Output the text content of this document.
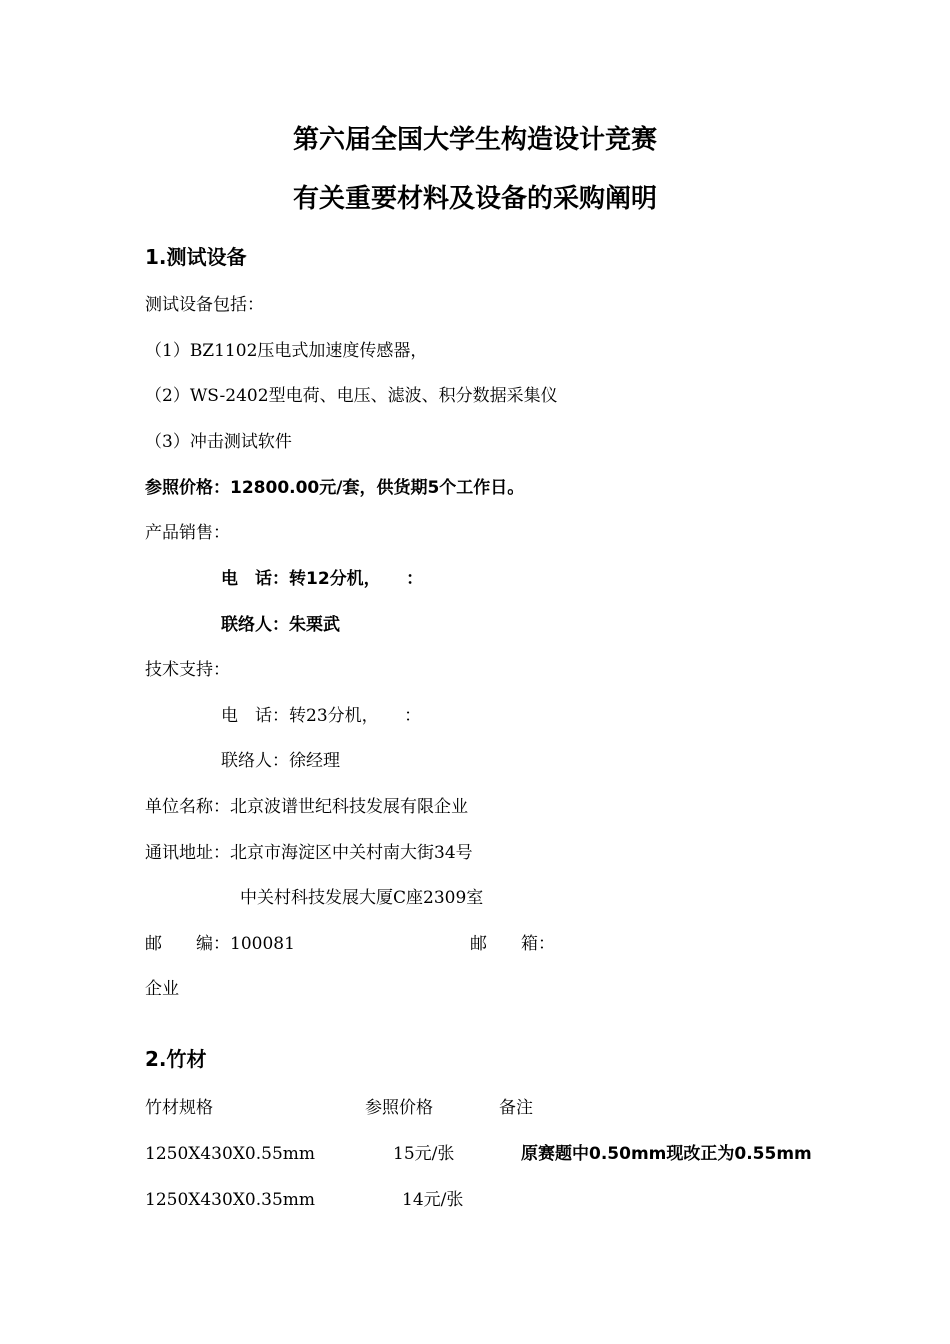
第六届全国大学生构造设计竞赛
有关重要材料及设备的采购阐明
1.测试设备
测试设备包括：
（1）BZ1102压电式加速度传感器，
（2）WS-2402型电荷、电压、滤波、积分数据采集仪
（3）冲击测试软件
参照价格：12800.00元/套，供货期5个工作日。
产品销售：
电　话：转12分机，　　：
联络人：朱栗武
技术支持：
电　话：转23分机，　　：
联络人：徐经理
单位名称：北京波谱世纪科技发展有限企业
通讯地址：北京市海淀区中关村南大街34号
中关村科技发展大厦C座2309室
邮　　编：100081	邮　　箱：
企业
2.竹材
竹材规格	参照价格	备注
1250X430X0.55mm	15元/张	原赛题中0.50mm现改正为0.55mm
1250X430X0.35mm	14元/张
